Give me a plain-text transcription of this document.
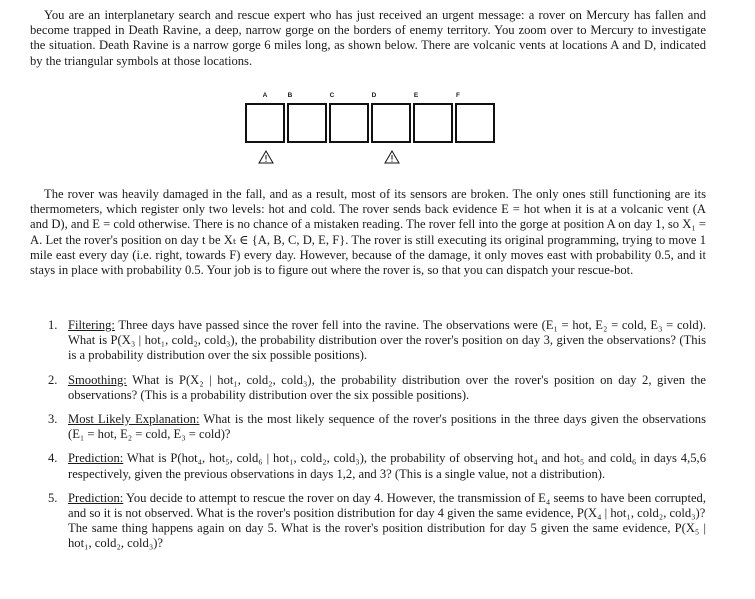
You are an interplanetary search and rescue expert who has just received an urgent message: a rover on Mercury has fallen and become trapped in Death Ravine, a deep, narrow gorge on the borders of enemy territory. You zoom over to Mercury to investigate the situation. Death Ravine is a narrow gorge 6 miles long, as shown below. There are volcanic vents at locations A and D, indicated by the triangular symbols at those locations.

A	B	C	D	E	F

The rover was heavily damaged in the fall, and as a result, most of its sensors are broken. The only ones still functioning are its thermometers, which register only two levels: hot and cold. The rover sends back evidence E = hot when it is at a volcanic vent (A and D), and E = cold otherwise. There is no chance of a mistaken reading. The rover fell into the gorge at position A on day 1, so X₁ = A. Let the rover's position on day t be Xₜ ∈ {A, B, C, D, E, F}. The rover is still executing its original programming, trying to move 1 mile east every day (i.e. right, towards F) every day. However, because of the damage, it only moves east with probability 0.5, and it stays in place with probability 0.5. Your job is to figure out where the rover is, so that you can dispatch your rescue-bot.

1. Filtering: Three days have passed since the rover fell into the ravine. The observations were (E₁ = hot, E₂ = cold, E₃ = cold). What is P(X₃ | hot₁, cold₂, cold₃), the probability distribution over the rover's position on day 3, given the observations? (This is a probability distribution over the six possible positions).
2. Smoothing: What is P(X₂ | hot₁, cold₂, cold₃), the probability distribution over the rover's position on day 2, given the observations? (This is a probability distribution over the six possible positions).
3. Most Likely Explanation: What is the most likely sequence of the rover's positions in the three days given the observations (E₁ = hot, E₂ = cold, E₃ = cold)?
4. Prediction: What is P(hot₄, hot₅, cold₆ | hot₁, cold₂, cold₃), the probability of observing hot₄ and hot₅ and cold₆ in days 4,5,6 respectively, given the previous observations in days 1,2, and 3? (This is a single value, not a distribution).
5. Prediction: You decide to attempt to rescue the rover on day 4. However, the transmission of E₄ seems to have been corrupted, and so it is not observed. What is the rover's position distribution for day 4 given the same evidence, P(X₄ | hot₁, cold₂, cold₃)?

The same thing happens again on day 5. What is the rover's position distribution for day 5 given the same evidence, P(X₅ | hot₁, cold₂, cold₃)?
